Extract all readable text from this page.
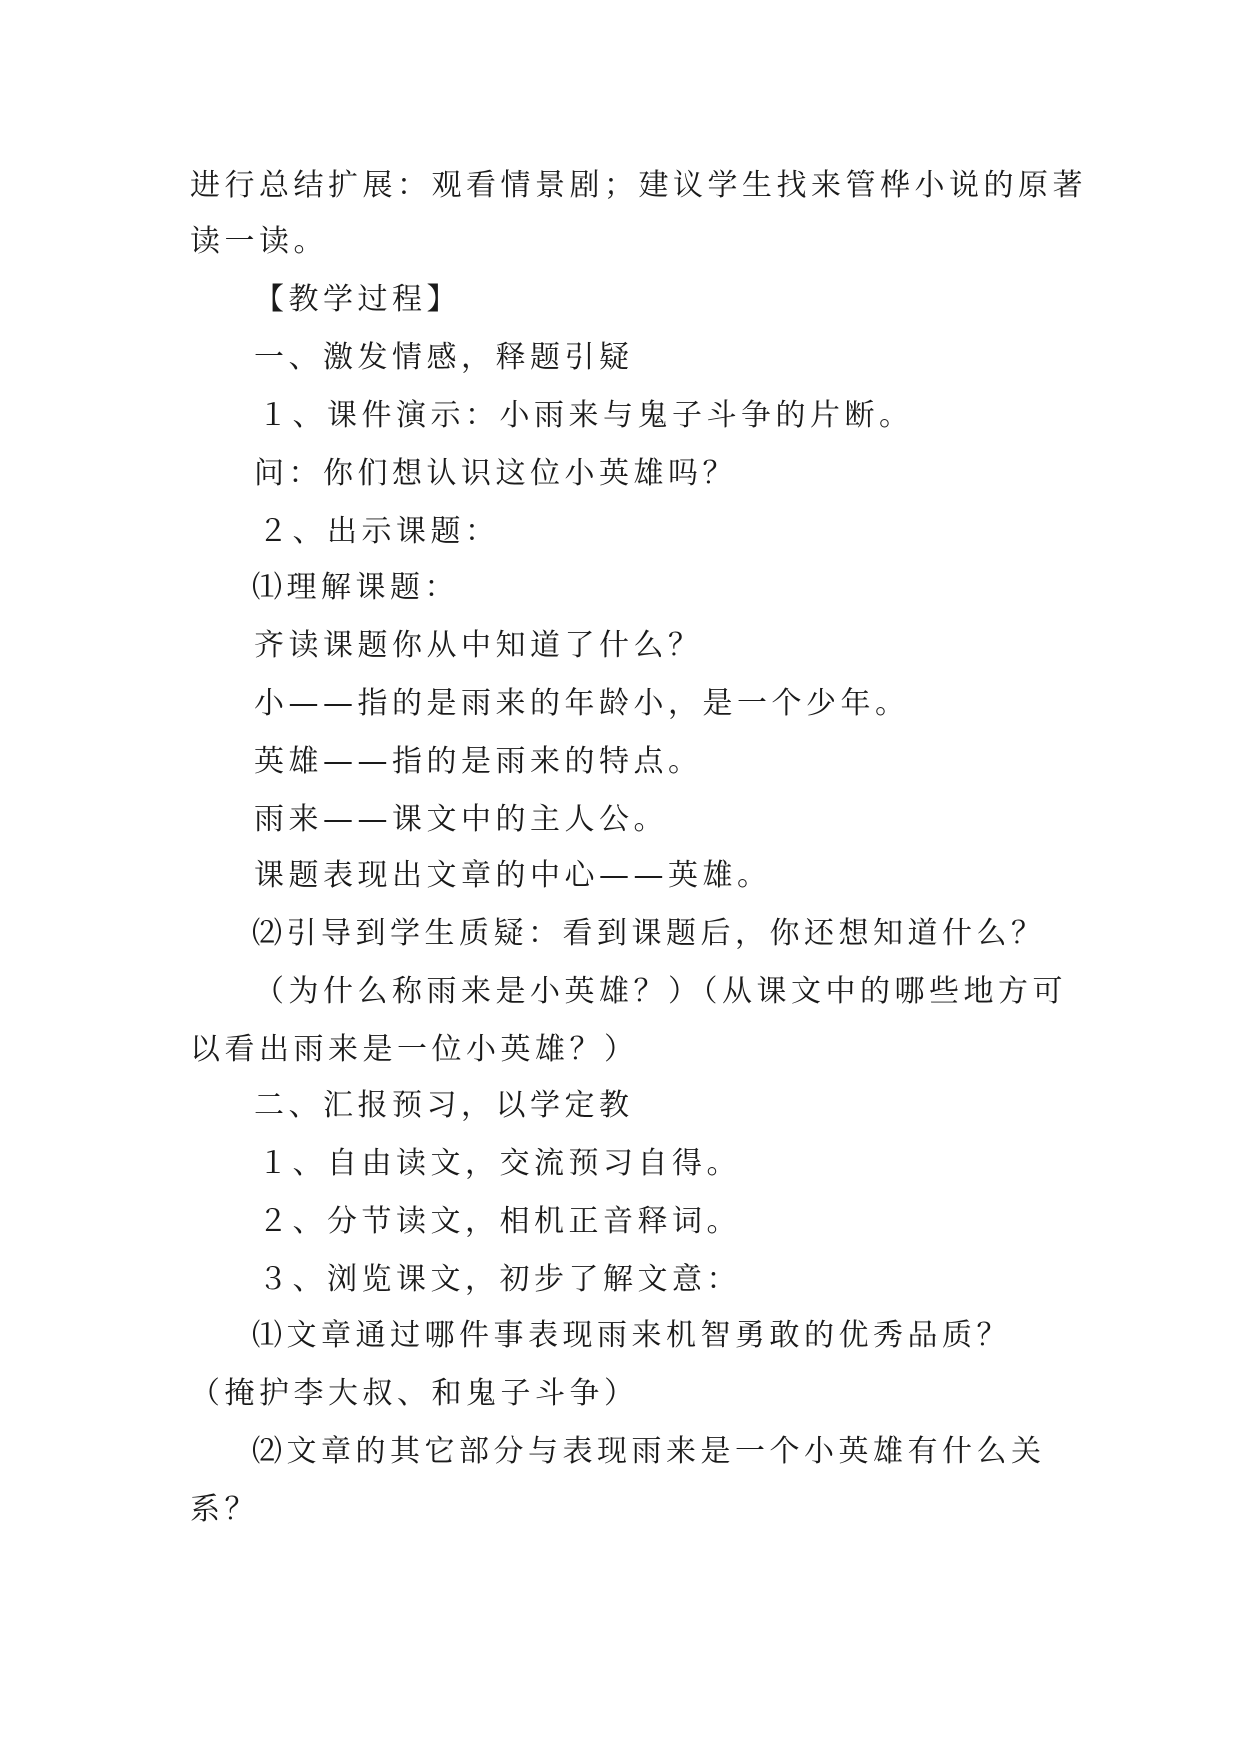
进行总结扩展：观看情景剧；建议学生找来管桦小说的原著
读一读。
【教学过程】
一、激发情感，释题引疑
１、课件演示：小雨来与鬼子斗争的片断。
问：你们想认识这位小英雄吗？
２、出示课题：
⑴理解课题：
齐读课题你从中知道了什么？
小——指的是雨来的年龄小，是一个少年。
英雄——指的是雨来的特点。
雨来——课文中的主人公。
课题表现出文章的中心——英雄。
⑵引导到学生质疑：看到课题后，你还想知道什么？
（为什么称雨来是小英雄？）（从课文中的哪些地方可
以看出雨来是一位小英雄？）
二、汇报预习，以学定教
１、自由读文，交流预习自得。
２、分节读文，相机正音释词。
３、浏览课文，初步了解文意：
⑴文章通过哪件事表现雨来机智勇敢的优秀品质？
（掩护李大叔、和鬼子斗争）
⑵文章的其它部分与表现雨来是一个小英雄有什么关
系？
